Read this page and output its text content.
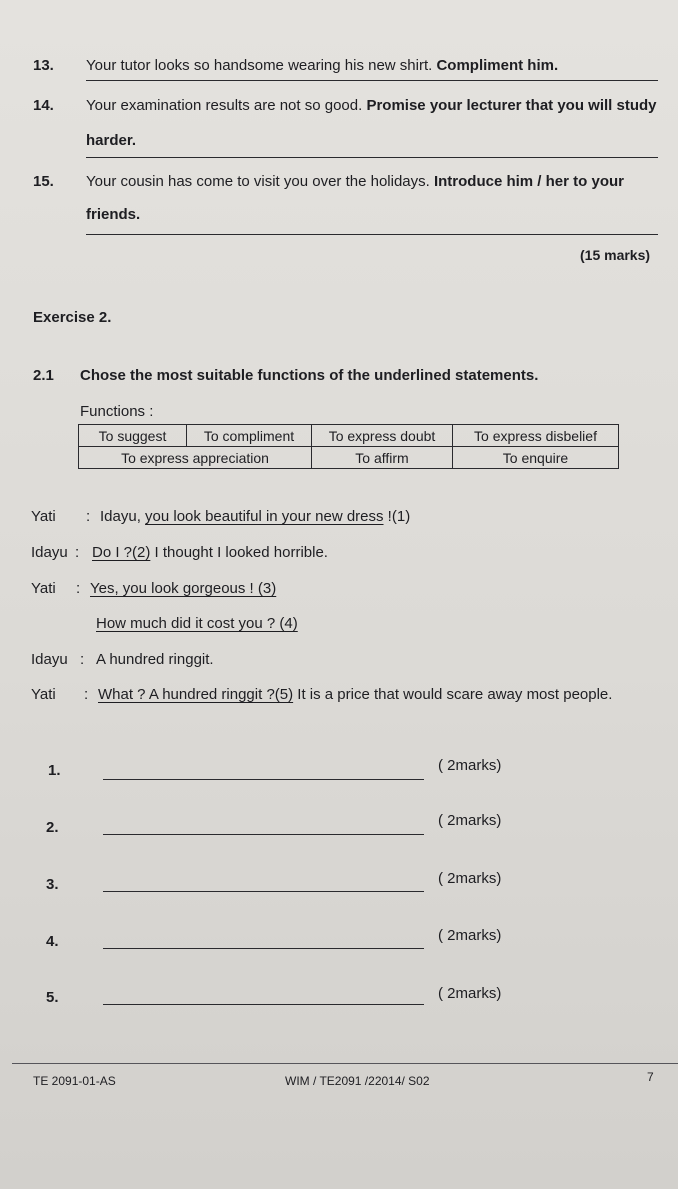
13. Your tutor looks so handsome wearing his new shirt. Compliment him.
14. Your examination results are not so good. Promise your lecturer that you will study
harder.
15. Your cousin has come to visit you over the holidays. Introduce him / her to your
friends.
(15 marks)
Exercise 2.
2.1 Chose the most suitable functions of the underlined statements.
Functions :
To suggest	To compliment	To express doubt	To express disbelief
To express appreciation		To affirm	To enquire
Yati : Idayu, you look beautiful in your new dress !(1)
Idayu : Do I ?(2) I thought I looked horrible.
Yati : Yes, you look gorgeous ! (3)
How much did it cost you ? (4)
Idayu : A hundred ringgit.
Yati : What ? A hundred ringgit ?(5) It is a price that would scare away most people.
1.	( 2marks)
2.	( 2marks)
3.	( 2marks)
4.	( 2marks)
5.	( 2marks)
TE 2091-01-AS	WIM / TE2091 /22014/ S02	7
